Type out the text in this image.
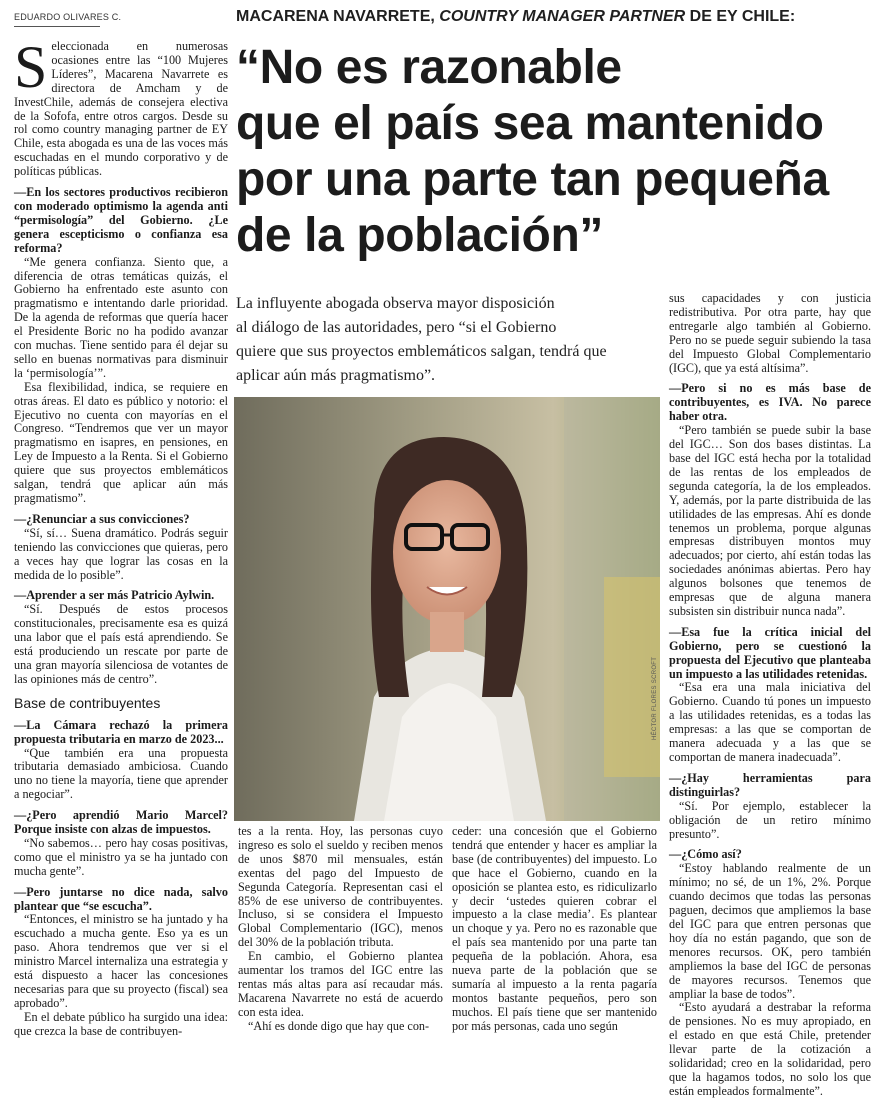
EDUARDO OLIVARES C.	MACARENA NAVARRETE, COUNTRY MANAGER PARTNER DE EY CHILE:
“No es razonable
que el país sea mantenido
por una parte tan pequeña
de la población”
La influyente abogada observa mayor disposición
al diálogo de las autoridades, pero “si el Gobierno
quiere que sus proyectos emblemáticos salgan, tendrá que
aplicar aún más pragmatismo”.

Seleccionada en numerosas ocasiones entre las “100 Mujeres Líderes”, Macarena Navarrete es directora de Amcham y de InvestChile, además de consejera electiva de la Sofofa, entre otros cargos. Desde su rol como country managing partner de EY Chile, esta abogada es una de las voces más escuchadas en el mundo corporativo y de políticas públicas.

—En los sectores productivos recibieron con moderado optimismo la agenda anti “permisología” del Gobierno. ¿Le genera escepticismo o confianza esa reforma?

“Me genera confianza. Siento que, a diferencia de otras temáticas quizás, el Gobierno ha enfrentado este asunto con pragmatismo e intentando darle prioridad. De la agenda de reformas que quería hacer el Presidente Boric no ha podido avanzar con muchas. Tiene sentido para él dejar su sello en buenas normativas para disminuir la ‘permisología’”.

Esa flexibilidad, indica, se requiere en otras áreas. El dato es público y notorio: el Ejecutivo no cuenta con mayorías en el Congreso. “Tendremos que ver un mayor pragmatismo en isapres, en pensiones, en Ley de Impuesto a la Renta. Si el Gobierno quiere que sus proyectos emblemáticos salgan, tendrá que aplicar aún más pragmatismo”.

—¿Renunciar a sus convicciones?

“Sí, sí… Suena dramático. Podrás seguir teniendo las convicciones que quieras, pero a veces hay que lograr las cosas en la medida de lo posible”.

—Aprender a ser más Patricio Aylwin.

“Sí. Después de estos procesos constitucionales, precisamente esa es quizá una labor que el país está aprendiendo. Se está produciendo un rescate por parte de una gran mayoría silenciosa de votantes de las opiniones más de centro”.

Base de contribuyentes

—La Cámara rechazó la primera propuesta tributaria en marzo de 2023...

“Que también era una propuesta tributaria demasiado ambiciosa. Cuando uno no tiene la mayoría, tiene que aprender a negociar”.

—¿Pero aprendió Mario Marcel? Porque insiste con alzas de impuestos.

“No sabemos… pero hay cosas positivas, como que el ministro ya se ha juntado con mucha gente”.

—Pero juntarse no dice nada, salvo plantear que “se escucha”.

“Entonces, el ministro se ha juntado y ha escuchado a mucha gente. Eso ya es un paso. Ahora tendremos que ver si el ministro Marcel internaliza una estrategia y está dispuesto a hacer las concesiones necesarias para que su proyecto (fiscal) sea aprobado”.

En el debate público ha surgido una idea: que crezca la base de contribuyen-

HÉCTOR FLORES SCROFT

tes a la renta. Hoy, las personas cuyo ingreso es solo el sueldo y reciben menos de unos $870 mil mensuales, están exentas del pago del Impuesto de Segunda Categoría. Representan casi el 85% de ese universo de contribuyentes. Incluso, si se considera el Impuesto Global Complementario (IGC), menos del 30% de la población tributa.

En cambio, el Gobierno plantea aumentar los tramos del IGC entre las rentas más altas para así recaudar más. Macarena Navarrete no está de acuerdo con esta idea.

“Ahí es donde digo que hay que con-

ceder: una concesión que el Gobierno tendrá que entender y hacer es ampliar la base (de contribuyentes) del impuesto. Lo que hace el Gobierno, cuando en la oposición se plantea esto, es ridiculizarlo y decir ‘ustedes quieren cobrar el impuesto a la clase media’. Es plantear un choque y ya. Pero no es razonable que el país sea mantenido por una parte tan pequeña de la población. Ahora, esa nueva parte de la población que se sumaría al impuesto a la renta pagaría montos bastante pequeños, pero son muchos. El país tiene que ser mantenido por más personas, cada uno según

sus capacidades y con justicia redistributiva. Por otra parte, hay que entregarle algo también al Gobierno. Pero no se puede seguir subiendo la tasa del Impuesto Global Complementario (IGC), que ya está altísima”.

—Pero si no es más base de contribuyentes, es IVA. No parece haber otra.

“Pero también se puede subir la base del IGC… Son dos bases distintas. La base del IGC está hecha por la totalidad de las rentas de los empleados de segunda categoría, la de los empleados. Y, además, por la parte distribuida de las utilidades de las empresas. Ahí es donde tenemos un problema, porque algunas empresas distribuyen montos muy adecuados; por cierto, ahí están todas las sociedades anónimas abiertas. Pero hay algunos bolsones que tenemos de empresas que de alguna manera subsisten sin distribuir nunca nada”.

—Esa fue la crítica inicial del Gobierno, pero se cuestionó la propuesta del Ejecutivo que planteaba un impuesto a las utilidades retenidas.

“Esa era una mala iniciativa del Gobierno. Cuando tú pones un impuesto a las utilidades retenidas, es a todas las empresas: a las que se comportan de manera adecuada y a las que se comportan de manera inadecuada”.

—¿Hay herramientas para distinguirlas?

“Sí. Por ejemplo, establecer la obligación de un retiro mínimo presunto”.

—¿Cómo así?

“Estoy hablando realmente de un mínimo; no sé, de un 1%, 2%. Porque cuando decimos que todas las personas paguen, decimos que ampliemos la base del IGC para que entren personas que hoy día no están pagando, que son de menores recursos. OK, pero también ampliemos la base del IGC de personas de mayores recursos. Tenemos que ampliar la base de todos”.

“Esto ayudará a destrabar la reforma de pensiones. No es muy apropiado, en el estado en que está Chile, pretender llevar parte de la cotización a solidaridad; creo en la solidaridad, pero que la hagamos todos, no solo los que están empleados formalmente”.
